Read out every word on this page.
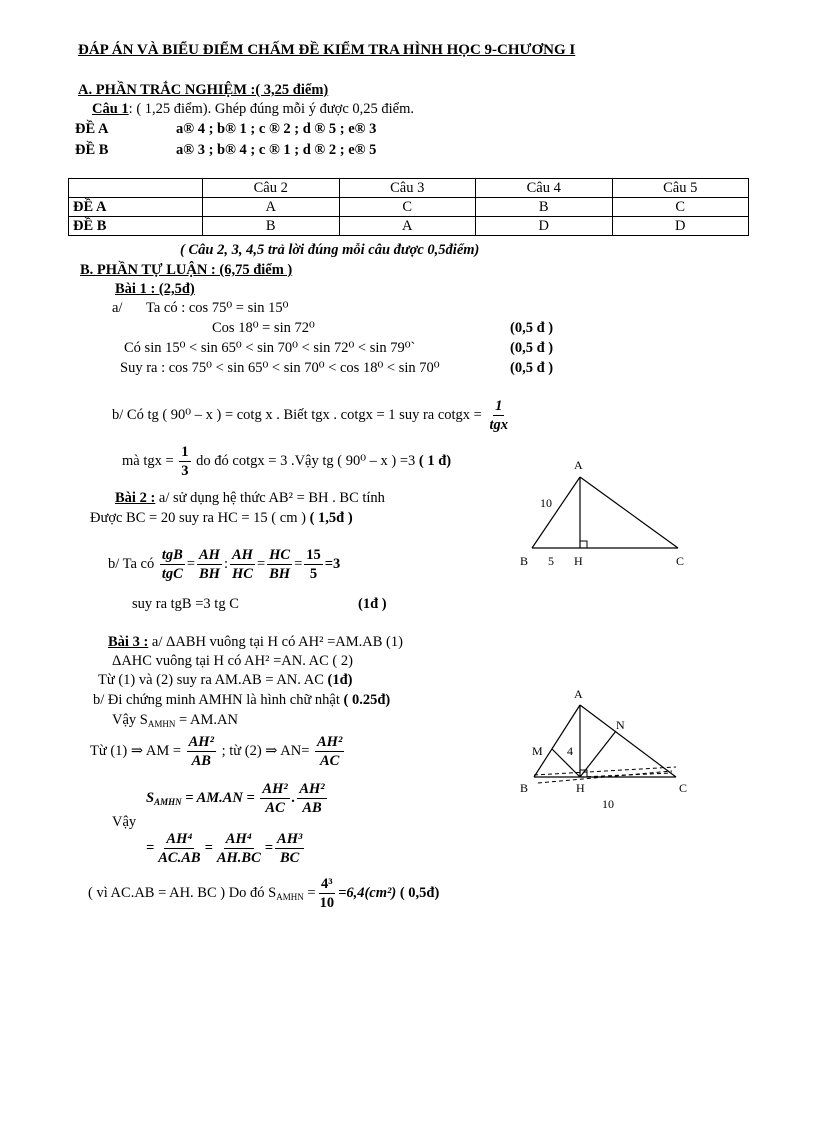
ĐÁP ÁN VÀ BIỂU ĐIỂM CHẤM ĐỀ KIỂM TRA HÌNH HỌC 9-CHƯƠNG I
A. PHẦN TRẮC NGHIỆM :( 3,25 điểm)
Câu 1: ( 1,25 điểm). Ghép đúng mỗi ý được 0,25 điểm.
ĐỀ A	a® 4 ; b® 1 ; c ® 2 ; d ® 5 ; e® 3
ĐỀ B	a® 3 ; b® 4 ; c ® 1 ; d ® 2 ; e® 5
	Câu 2	Câu 3	Câu 4	Câu 5
ĐỀ A	A	C	B	C
ĐỀ B	B	A	D	D
( Câu 2, 3, 4,5 trả lời đúng mỗi câu được 0,5điểm)
B. PHẦN TỰ LUẬN : (6,75 điểm )
Bài 1 : (2,5đ)
a/ Ta có : cos 75⁰ = sin 15⁰
Cos 18⁰ = sin 72⁰	(0,5 đ )
Có sin 15⁰ < sin 65⁰ < sin 70⁰ < sin 72⁰ < sin 79⁰`	(0,5 đ )
Suy ra : cos 75⁰ < sin 65⁰ < sin 70⁰ < cos 18⁰ < sin 70⁰	(0,5 đ )
b/ Có tg ( 90⁰ – x ) = cotg x . Biết tgx . cotgx = 1 suy ra cotgx = $\frac{1}{\text{tgx}}$
mà tgx = $\frac{1}{3}$ do đó cotgx = 3 .Vậy tg ( 90⁰ – x ) =3 ( 1 đ)
Bài 2 : a/ sử dụng hệ thức AB² = BH . BC tính
Được BC = 20 suy ra HC = 15 ( cm ) ( 1,5đ )
b/ Ta có $\frac{\text{tgB}}{\text{tgC}} = \frac{AH}{BH}$ : $\frac{AH}{HC} = \frac{HC}{BH} = \frac{15}{5} =3$
suy ra tgB =3 tg C	(1đ )
A
B	C
H
10
5
Bài 3 : a/ ΔABH vuông tại H có AH² =AM.AB (1)
ΔAHC vuông tại H có AH² =AN. AC ( 2)
Từ (1) và (2) suy ra AM.AB = AN. AC (1đ)
b/ Đi chứng minh AMHN là hình chữ nhật ( 0.25đ)
Vậy $S_{AMHN} = AM.AN$
Từ (1) ⇒ AM = $\frac{\text{AH²}}{AB}$ ; từ (2) ⇒ $AN= \frac{\text{AH²}}{AC}$
$S_{AMHN} = AM.AN = \frac{\text{AH²}}{AC}$ . $\frac{\text{AH²}}{AB}$
Vậy
= $\frac{\text{AH⁴}}{AC.AB} = \frac{\text{AH⁴}}{AH.BC} = \frac{\text{AH³}}{BC}$
( vì AC.AB = AH. BC ) Do đó $S_{AMHN} = \frac{\text{4³}}{10} =6,4(cm^2)$ ( 0,5đ)
A
B	C
H
M
N
4
10
